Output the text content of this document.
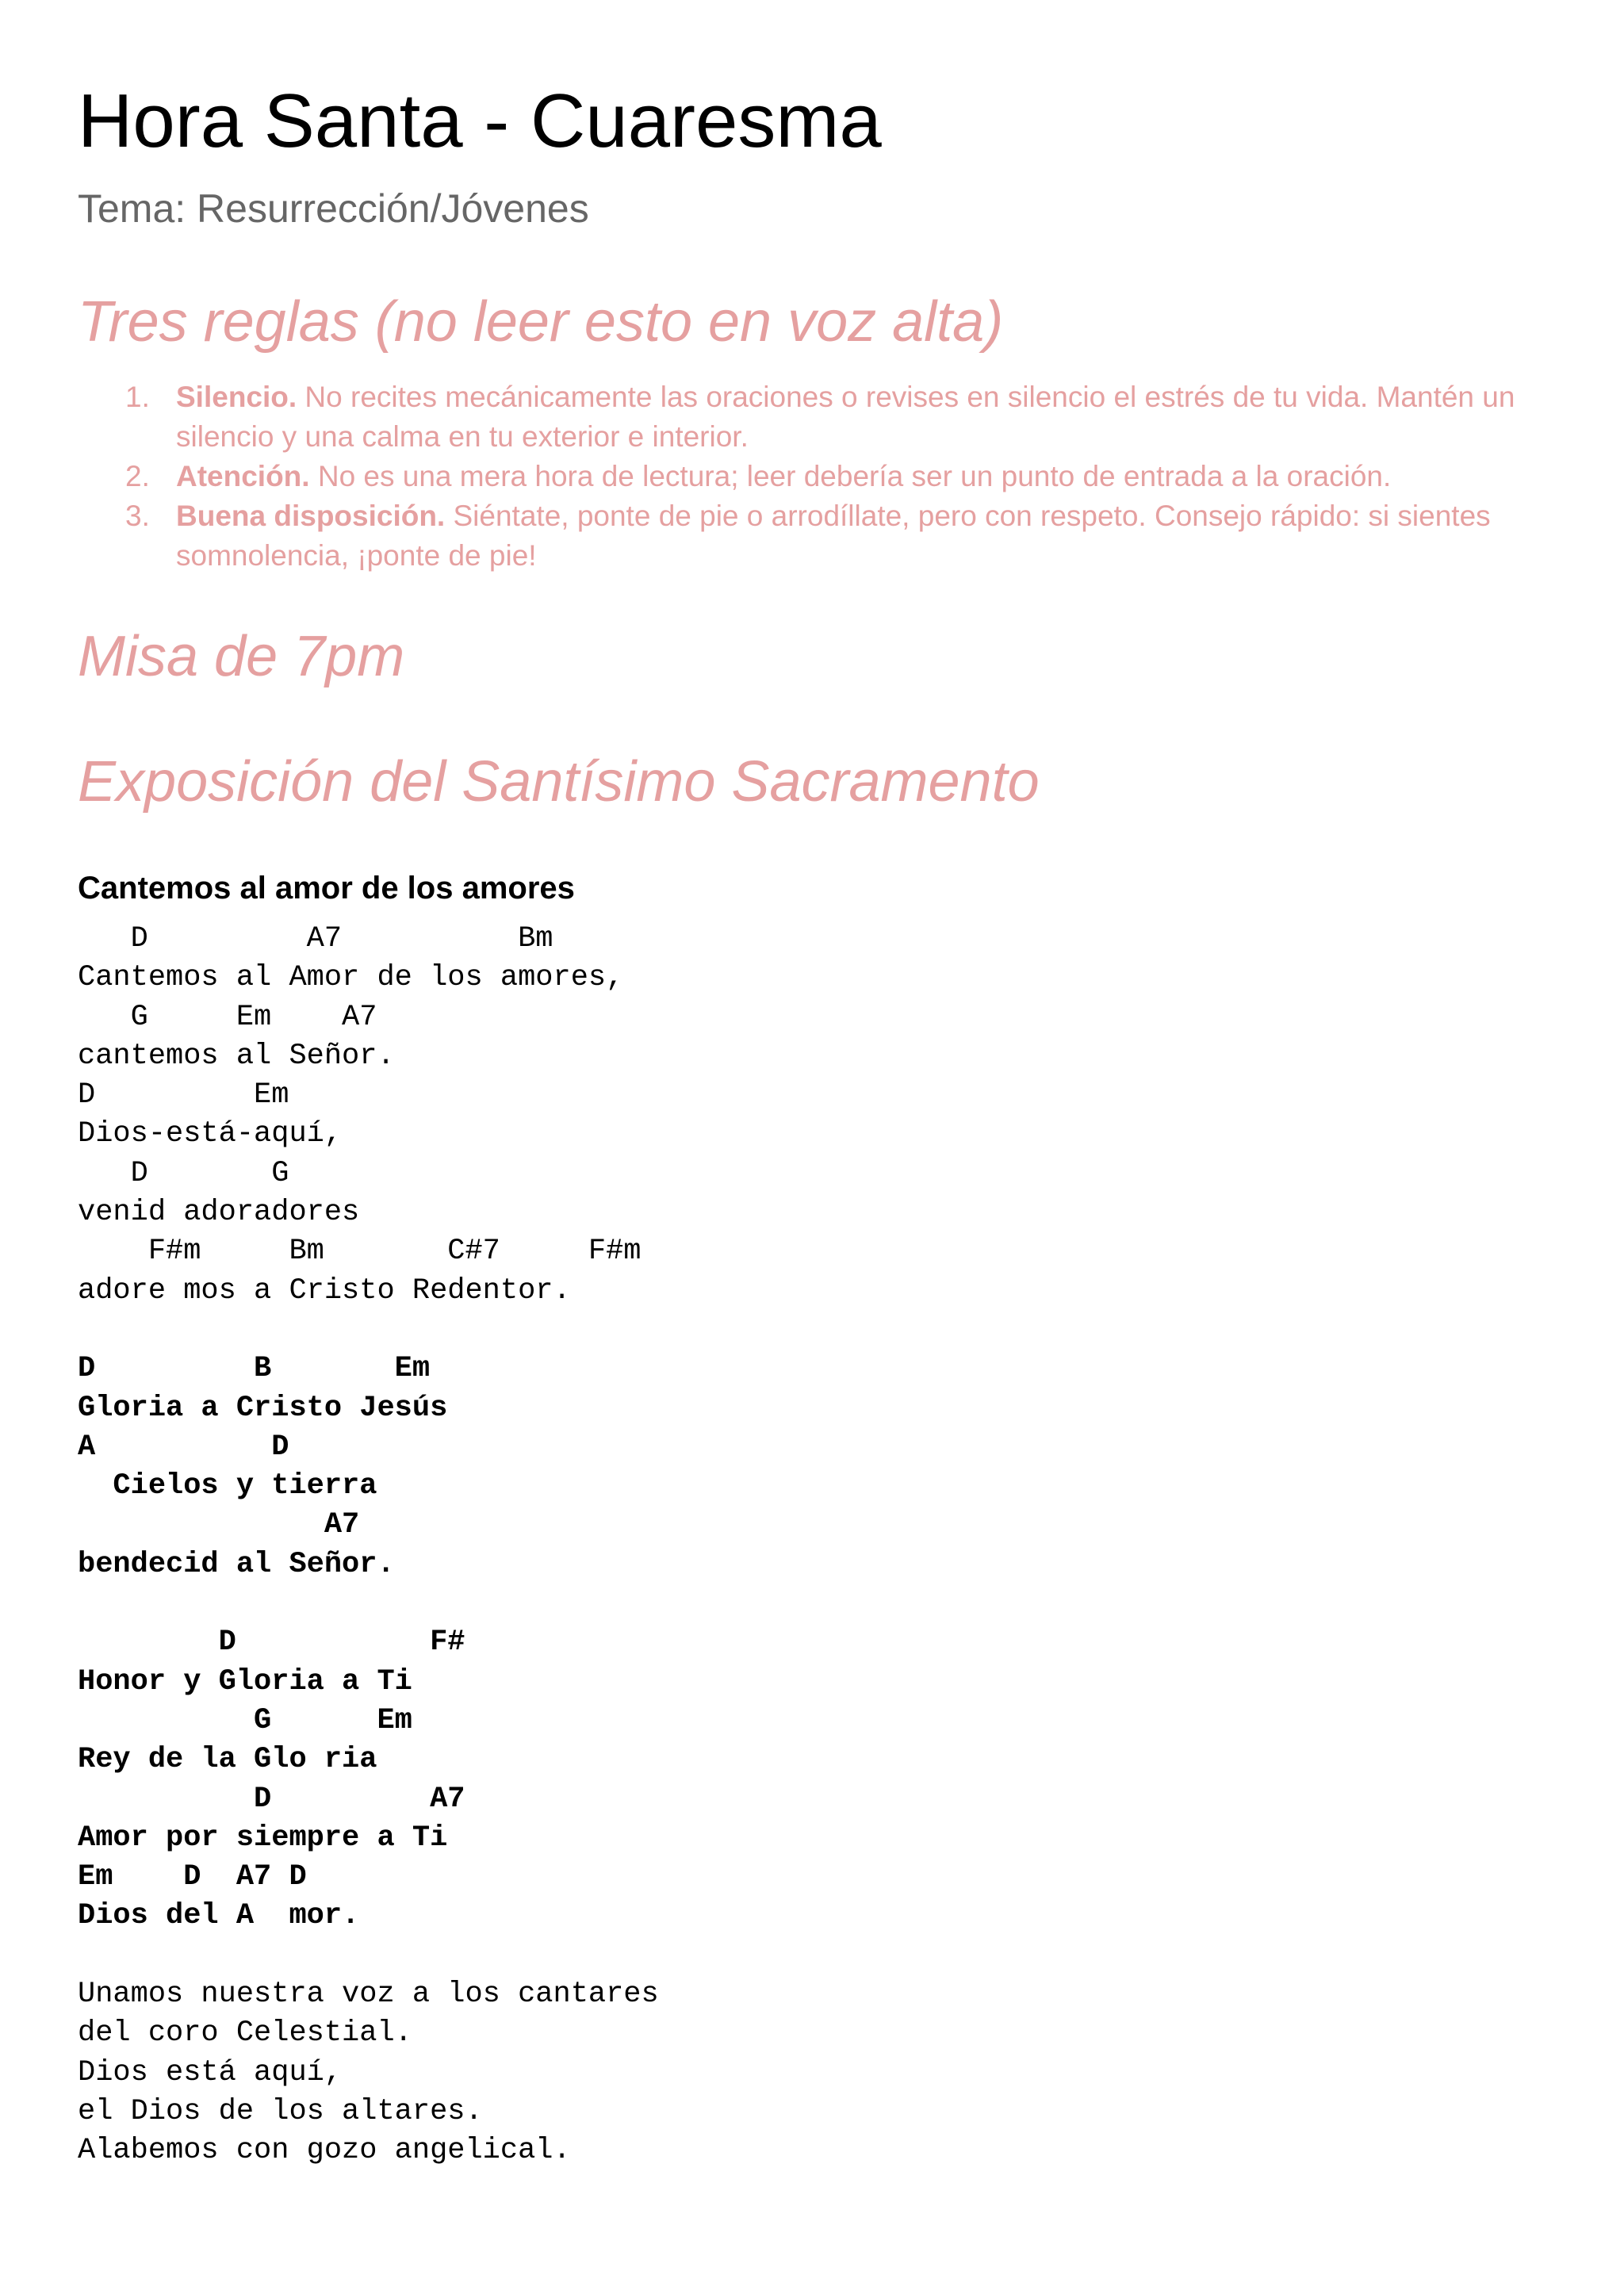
Hora Santa - Cuaresma
Tema: Resurrección/Jóvenes
Tres reglas (no leer esto en voz alta)
1. Silencio. No recites mecánicamente las oraciones o revises en silencio el estrés de tu vida. Mantén un silencio y una calma en tu exterior e interior.
2. Atención. No es una mera hora de lectura; leer debería ser un punto de entrada a la oración.
3. Buena disposición. Siéntate, ponte de pie o arrodíllate, pero con respeto. Consejo rápido: si sientes somnolencia, ¡ponte de pie!
Misa de 7pm
Exposición del Santísimo Sacramento
Cantemos al amor de los amores
D         A7          Bm
Cantemos al Amor de los amores,
G     Em    A7
cantemos al Señor.
D         Em
Dios-está-aquí,
D       G
venid adoradores
F#m     Bm       C#7     F#m
adore mos a Cristo Redentor.
D         B       Em
Gloria a Cristo Jesús
A          D
Cielos y tierra
A7
bendecid al Señor.
D           F#
Honor y Gloria a Ti
G      Em
Rey de la Glo ria
D         A7
Amor por siempre a Ti
Em    D  A7 D
Dios del A  mor.
Unamos nuestra voz a los cantares
del coro Celestial.
Dios está aquí,
el Dios de los altares.
Alabemos con gozo angelical.
